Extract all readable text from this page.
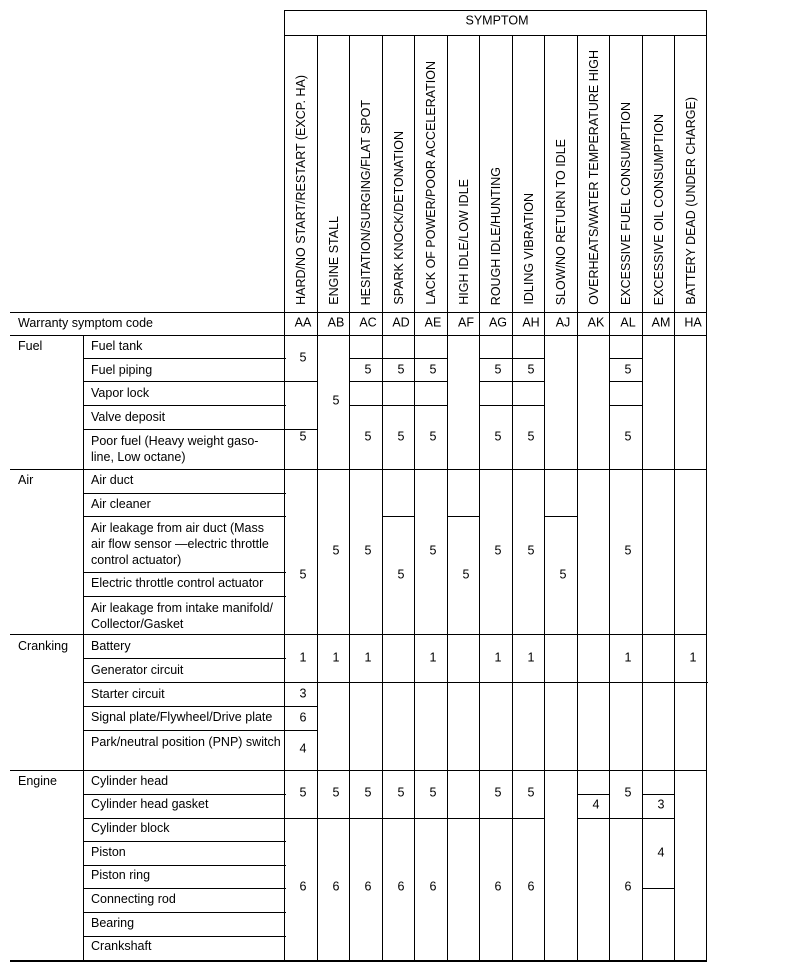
SYMPTOM
HARD/NO START/RESTART (EXCP. HA) ENGINE STALL HESITATION/SURGING/FLAT SPOT SPARK KNOCK/DETONATION LACK OF POWER/POOR ACCELERATION HIGH IDLE/LOW IDLE ROUGH IDLE/HUNTING IDLING VIBRATION SLOW/NO RETURN TO IDLE OVERHEATS/WATER TEMPERATURE HIGH EXCESSIVE FUEL CONSUMPTION EXCESSIVE OIL CONSUMPTION BATTERY DEAD (UNDER CHARGE)
Warranty symptom code	AA AB AC AD AE AF AG AH AJ AK AL AM HA
Fuel
Air
Cranking
Engine
Fuel tank
Fuel piping
Vapor lock
Valve deposit
Poor fuel (Heavy weight gaso-line, Low octane)
Air duct
Air cleaner
Air leakage from air duct (Mass air flow sensor —electric throttle control actuator)
Electric throttle control actuator
Air leakage from intake manifold/ Collector/Gasket
Battery
Generator circuit
Starter circuit
Signal plate/Flywheel/Drive plate
Park/neutral position (PNP) switch
Cylinder head
Cylinder head gasket
Cylinder block
Piston
Piston ring
Connecting rod
Bearing
Crankshaft
5
5
5
5
1
3
6
4
6
5
5
1
5
6
5
5
5
1
5
6
5
5
5
5
6
5
5
5
1
5
6
5
5
5
5
1
5
6
5
5
5
1
5
6
5
4
5
5
5
1
5
6
3
4
1
